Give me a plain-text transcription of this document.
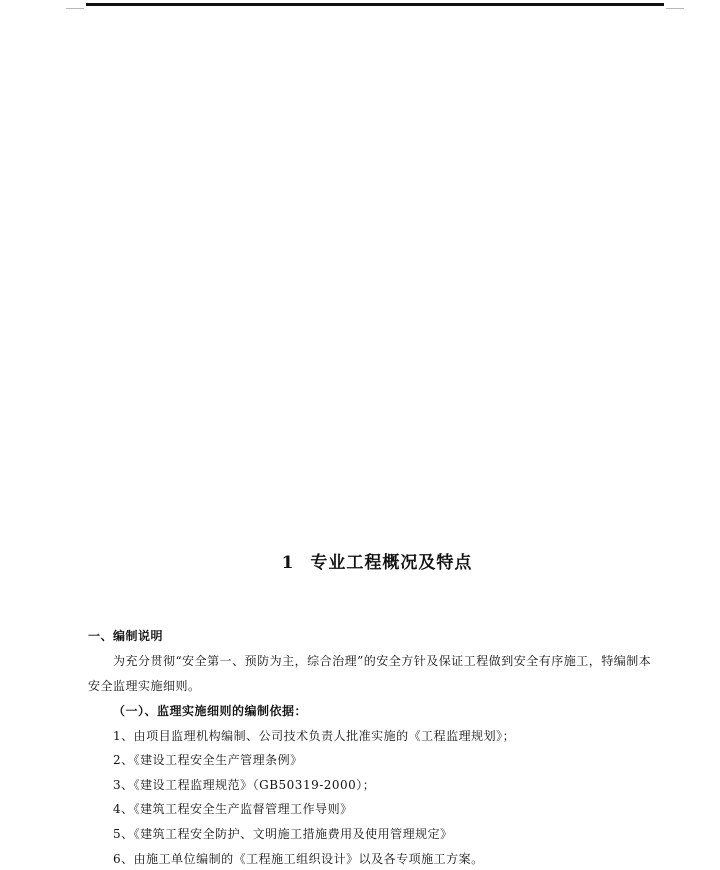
1 专业工程概况及特点
一、编制说明
为充分贯彻“安全第一、预防为主，综合治理”的安全方针及保证工程做到安全有序施工，特编制本
安全监理实施细则。
（一）、监理实施细则的编制依据：
1、由项目监理机构编制、公司技术负责人批准实施的《工程监理规划》；
2、《建设工程安全生产管理条例》
3、《建设工程监理规范》（GB50319-2000）；
4、《建筑工程安全生产监督管理工作导则》
5、《建筑工程安全防护、文明施工措施费用及使用管理规定》
6、由施工单位编制的《工程施工组织设计》以及各专项施工方案。
